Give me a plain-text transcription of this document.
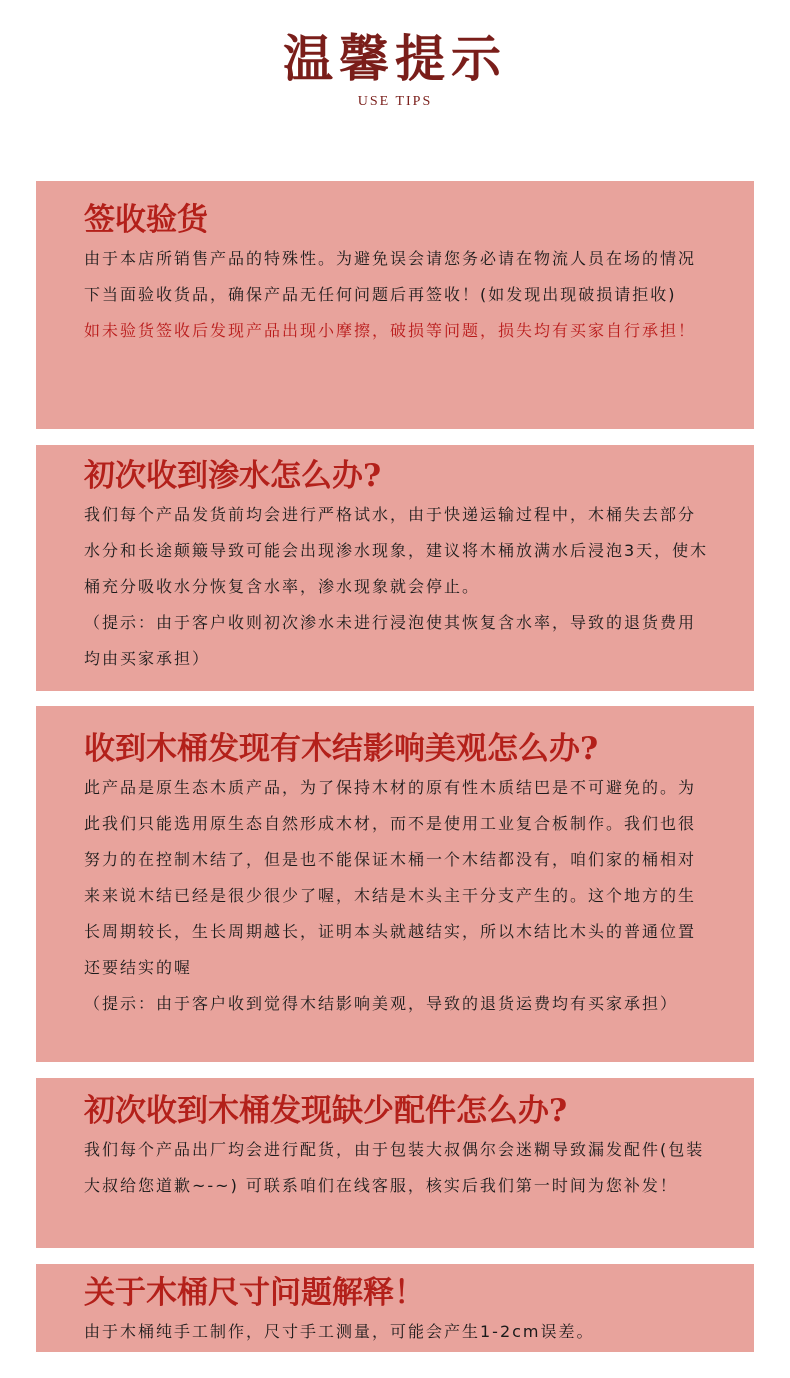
温馨提示
USE TIPS
签收验货
由于本店所销售产品的特殊性。为避免误会请您务必请在物流人员在场的情况下当面验收货品，确保产品无任何问题后再签收！(如发现出现破损请拒收)
如未验货签收后发现产品出现小摩擦，破损等问题，损失均有买家自行承担！
初次收到渗水怎么办?
我们每个产品发货前均会进行严格试水，由于快递运输过程中，木桶失去部分水分和长途颠簸导致可能会出现渗水现象，建议将木桶放满水后浸泡3天，使木桶充分吸收水分恢复含水率，渗水现象就会停止。
（提示：由于客户收则初次渗水未进行浸泡使其恢复含水率，导致的退货费用均由买家承担）
收到木桶发现有木结影响美观怎么办?
此产品是原生态木质产品，为了保持木材的原有性木质结巴是不可避免的。为此我们只能选用原生态自然形成木材，而不是使用工业复合板制作。我们也很努力的在控制木结了，但是也不能保证木桶一个木结都没有，咱们家的桶相对来来说木结已经是很少很少了喔，木结是木头主干分支产生的。这个地方的生长周期较长，生长周期越长，证明本头就越结实，所以木结比木头的普通位置还要结实的喔
（提示：由于客户收到觉得木结影响美观，导致的退货运费均有买家承担）
初次收到木桶发现缺少配件怎么办?
我们每个产品出厂均会进行配货，由于包装大叔偶尔会迷糊导致漏发配件(包装大叔给您道歉~-~) 可联系咱们在线客服，核实后我们第一时间为您补发！
关于木桶尺寸问题解释！
由于木桶纯手工制作，尺寸手工测量，可能会产生1-2cm误差。
